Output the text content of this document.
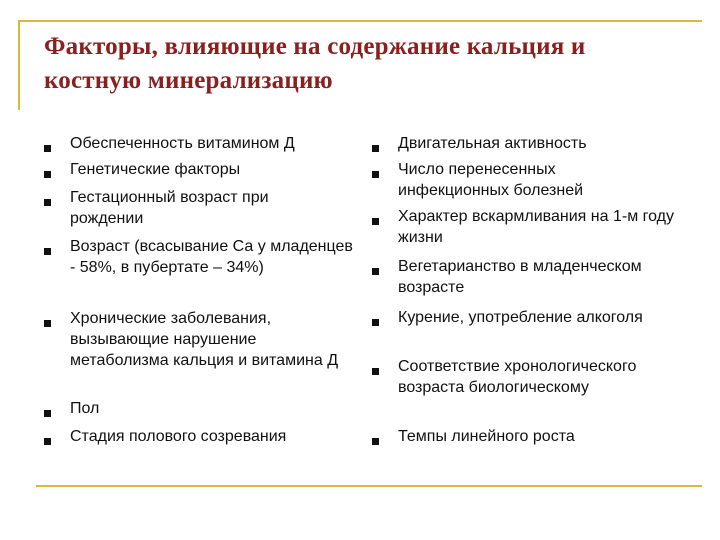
Факторы, влияющие на содержание кальция и костную минерализацию
Обеспеченность витамином Д
Генетические факторы
Гестационный возраст при рождении
Возраст (всасывание Са у младенцев - 58%, в пубертате – 34%)
Хронические заболевания, вызывающие нарушение метаболизма кальция и витамина Д
Пол
Стадия полового созревания
Двигательная активность
Число перенесенных инфекционных болезней
Характер вскармливания на 1-м году жизни
Вегетарианство в младенческом возрасте
Курение, употребление алкоголя
Соответствие хронологического возраста биологическому
Темпы линейного роста
